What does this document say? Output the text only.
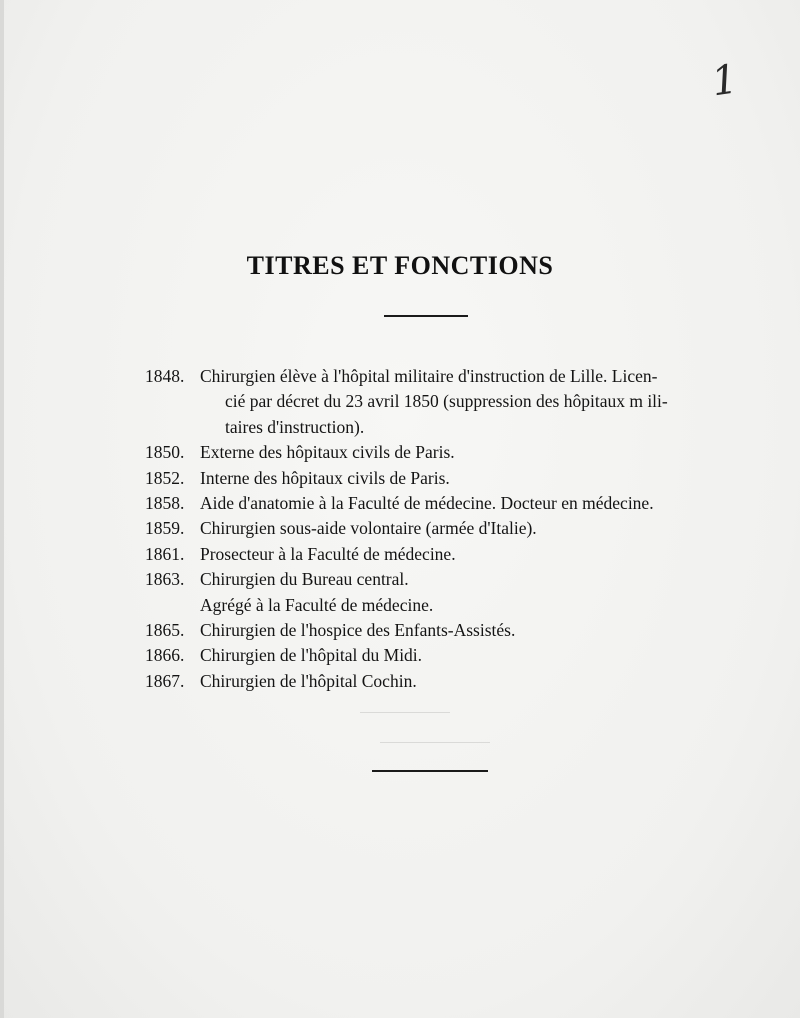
1
TITRES ET FONCTIONS
1848. Chirurgien élève à l'hôpital militaire d'instruction de Lille. Licen-
cié par décret du 23 avril 1850 (suppression des hôpitaux m ili-
taires d'instruction).
1850. Externe des hôpitaux civils de Paris.
1852. Interne des hôpitaux civils de Paris.
1858. Aide d'anatomie à la Faculté de médecine. Docteur en médecine.
1859. Chirurgien sous-aide volontaire (armée d'Italie).
1861. Prosecteur à la Faculté de médecine.
1863. Chirurgien du Bureau central.
Agrégé à la Faculté de médecine.
1865. Chirurgien de l'hospice des Enfants-Assistés.
1866. Chirurgien de l'hôpital du Midi.
1867. Chirurgien de l'hôpital Cochin.
